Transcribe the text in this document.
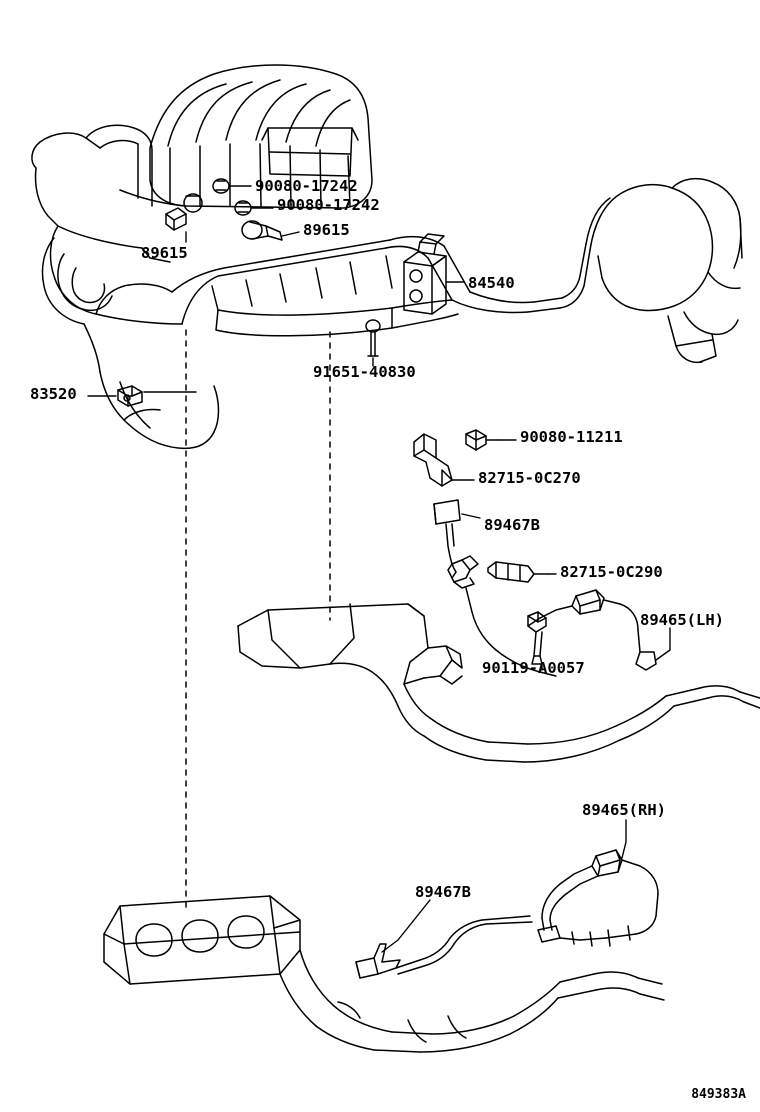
90080-17242
90080-17242
89615
89615
84540
91651-40830
83520
90080-11211
82715-0C270
89467B
82715-0C290
89465(LH)
90119-A0057
89465(RH)
89467B
849383A
